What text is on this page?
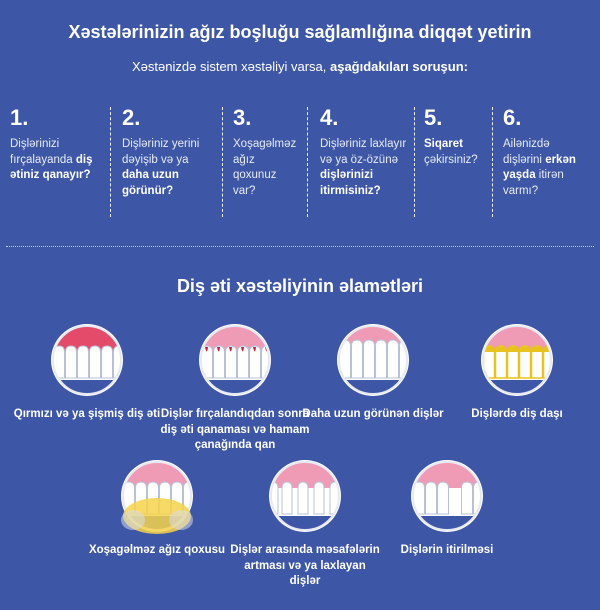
Xəstələrinizin ağız boşluğu sağlamlığına diqqət yetirin

Xəstənizdə sistem xəstəliyi varsa, aşağıdakıları soruşun:

1.
Dişlərinizi fırçalayanda diş ətiniz qanayır?
2.
Dişləriniz yerini dəyişib və ya daha uzun görünür?
3.
Xoşagəlməz ağız qoxunuz var?
4.
Dişləriniz laxlayır və ya öz-özünə dişlərinizi itirmisiniz?
5.
Siqaret çəkirsiniz?
6.
Ailənizdə dişlərini erkən yaşda itirən varmı?
Diş əti xəstəliyinin əlamətləri
Qırmızı və ya şişmiş diş əti Dişlər fırçalandıqdan sonra diş əti qanaması və hamam çanağında qan
Daha uzun görünən dişlər	Dişlərdə diş daşı
Xoşagəlməz ağız qoxusu Dişlər arasında məsafələrin artması və ya laxlayan dişlər
Dişlərin itirilməsi
